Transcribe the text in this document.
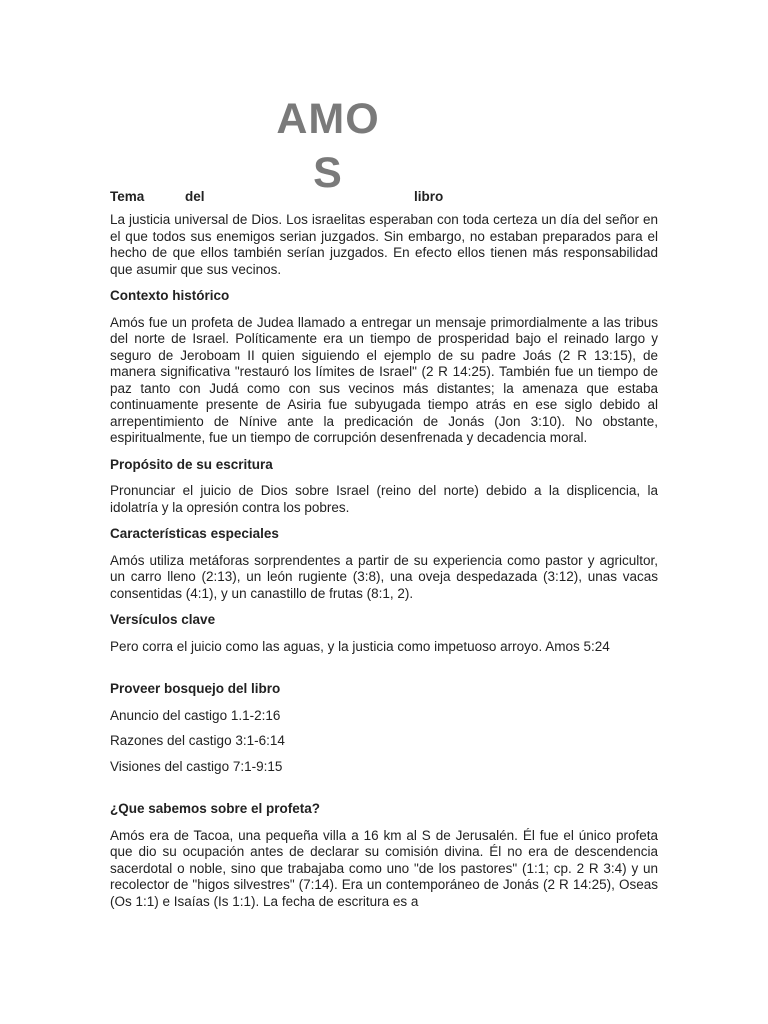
AMO
S
Tema	del	libro

La justicia universal de Dios. Los israelitas esperaban con toda certeza un día del señor en el que todos sus enemigos serian juzgados. Sin embargo, no estaban preparados para el hecho de que ellos también serían juzgados. En efecto ellos tienen más responsabilidad que asumir que sus vecinos.

Contexto histórico

Amós fue un profeta de Judea llamado a entregar un mensaje primordialmente a las tribus del norte de Israel. Políticamente era un tiempo de prosperidad bajo el reinado largo y seguro de Jeroboam II quien siguiendo el ejemplo de su padre Joás (2 R 13:15), de manera significativa "restauró los límites de Israel" (2 R 14:25). También fue un tiempo de paz tanto con Judá como con sus vecinos más distantes; la amenaza que estaba continuamente presente de Asiria fue subyugada tiempo atrás en ese siglo debido al arrepentimiento de Nínive ante la predicación de Jonás (Jon 3:10). No obstante, espiritualmente, fue un tiempo de corrupción desenfrenada y decadencia moral.

Propósito de su escritura

Pronunciar el juicio de Dios sobre Israel (reino del norte) debido a la displicencia, la idolatría y la opresión contra los pobres.

Características especiales

Amós utiliza metáforas sorprendentes a partir de su experiencia como pastor y agricultor, un carro lleno (2:13), un león rugiente (3:8), una oveja despedazada (3:12), unas vacas consentidas (4:1), y un canastillo de frutas (8:1, 2).

Versículos clave

Pero corra el juicio como las aguas, y la justicia como impetuoso arroyo. Amos 5:24

Proveer bosquejo del libro

Anuncio del castigo 1.1-2:16

Razones del castigo 3:1-6:14

Visiones del castigo 7:1-9:15

¿Que sabemos sobre el profeta?

Amós era de Tacoa, una pequeña villa a 16 km al S de Jerusalén. Él fue el único profeta que dio su ocupación antes de declarar su comisión divina. Él no era de descendencia sacerdotal o noble, sino que trabajaba como uno "de los pastores" (1:1; cp. 2 R 3:4) y un recolector de "higos silvestres" (7:14). Era un contemporáneo de Jonás (2 R 14:25), Oseas (Os 1:1) e Isaías (Is 1:1). La fecha de escritura es a
